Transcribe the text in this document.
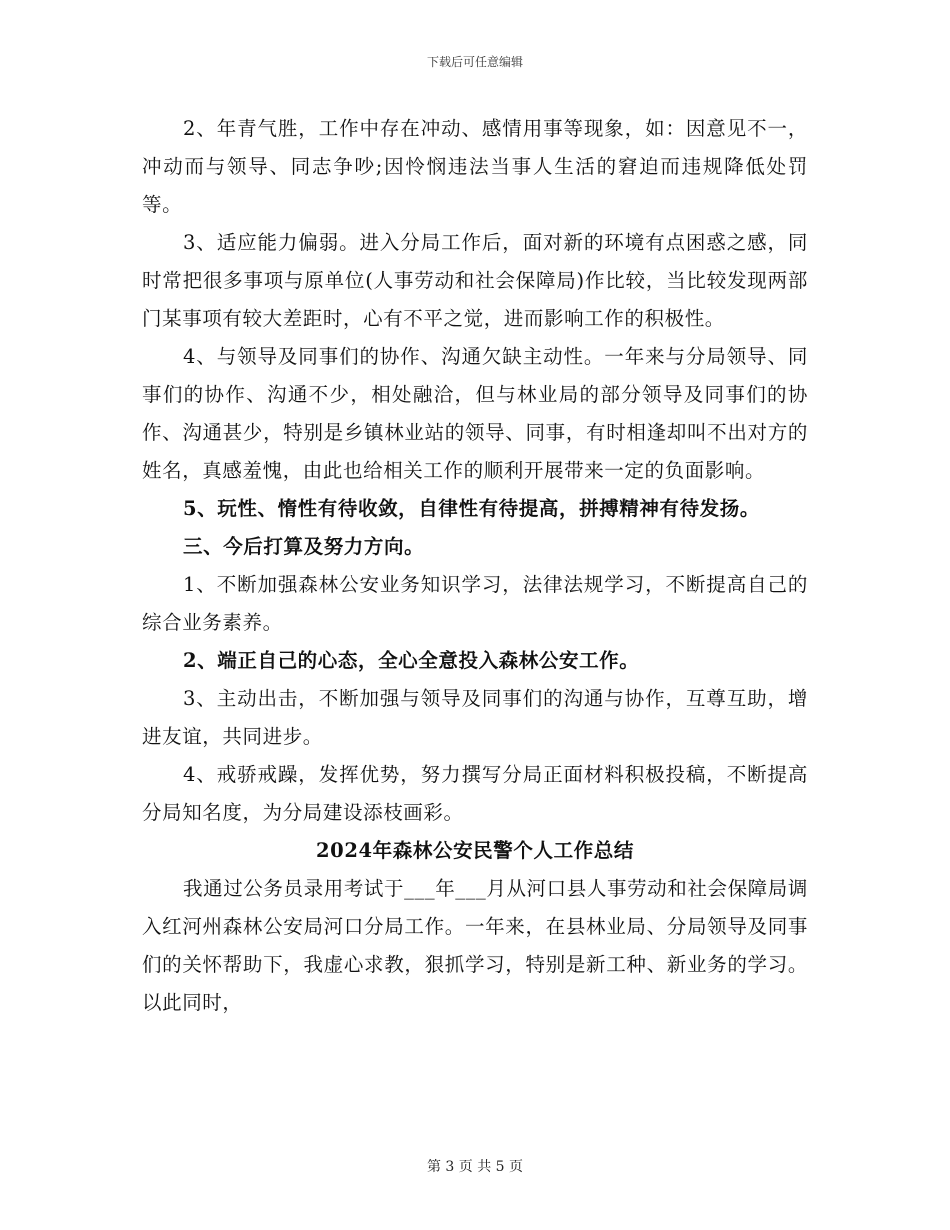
下载后可任意编辑

2、年青气胜，工作中存在冲动、感情用事等现象，如：因意见不一，冲动而与领导、同志争吵;因怜悯违法当事人生活的窘迫而违规降低处罚等。

3、适应能力偏弱。进入分局工作后，面对新的环境有点困惑之感，同时常把很多事项与原单位(人事劳动和社会保障局)作比较，当比较发现两部门某事项有较大差距时，心有不平之觉，进而影响工作的积极性。

4、与领导及同事们的协作、沟通欠缺主动性。一年来与分局领导、同事们的协作、沟通不少，相处融洽，但与林业局的部分领导及同事们的协作、沟通甚少，特别是乡镇林业站的领导、同事，有时相逢却叫不出对方的姓名，真感羞愧，由此也给相关工作的顺利开展带来一定的负面影响。

5、玩性、惰性有待收敛，自律性有待提高，拼搏精神有待发扬。

三、今后打算及努力方向。

1、不断加强森林公安业务知识学习，法律法规学习，不断提高自己的综合业务素养。

2、端正自己的心态，全心全意投入森林公安工作。

3、主动出击，不断加强与领导及同事们的沟通与协作，互尊互助，增进友谊，共同进步。

4、戒骄戒躁，发挥优势，努力撰写分局正面材料积极投稿，不断提高分局知名度，为分局建设添枝画彩。

2024年森林公安民警个人工作总结

我通过公务员录用考试于___年___月从河口县人事劳动和社会保障局调入红河州森林公安局河口分局工作。一年来，在县林业局、分局领导及同事们的关怀帮助下，我虚心求教，狠抓学习，特别是新工种、新业务的学习。以此同时，

第 3 页 共 5 页
